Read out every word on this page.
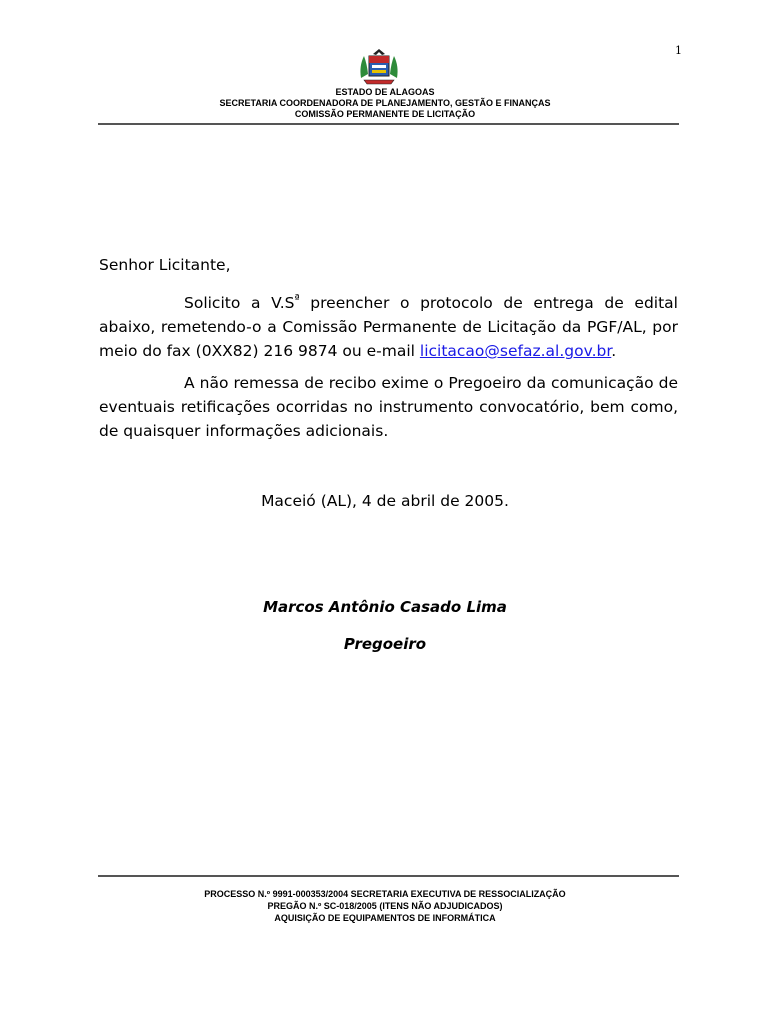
1
ESTADO DE ALAGOAS
SECRETARIA COORDENADORA DE PLANEJAMENTO, GESTÃO E FINANÇAS
COMISSÃO PERMANENTE DE LICITAÇÃO
Senhor Licitante,
Solicito a $V.S^ª$ preencher o protocolo de entrega de edital abaixo, remetendo-o a Comissão Permanente de Licitação da PGF/AL, por meio do fax (0XX82) 216 9874 ou e-mail licitacao@sefaz.al.gov.br.
A não remessa de recibo exime o Pregoeiro da comunicação de eventuais retificações ocorridas no instrumento convocatório, bem como, de quaisquer informações adicionais.
Maceió (AL), 4 de abril de 2005.
Marcos Antônio Casado Lima
Pregoeiro
PROCESSO N.º 9991-000353/2004 SECRETARIA EXECUTIVA DE RESSOCIALIZAÇÃO
PREGÃO N.º SC-018/2005 (ITENS NÃO ADJUDICADOS)
AQUISIÇÃO DE EQUIPAMENTOS DE INFORMÁTICA
